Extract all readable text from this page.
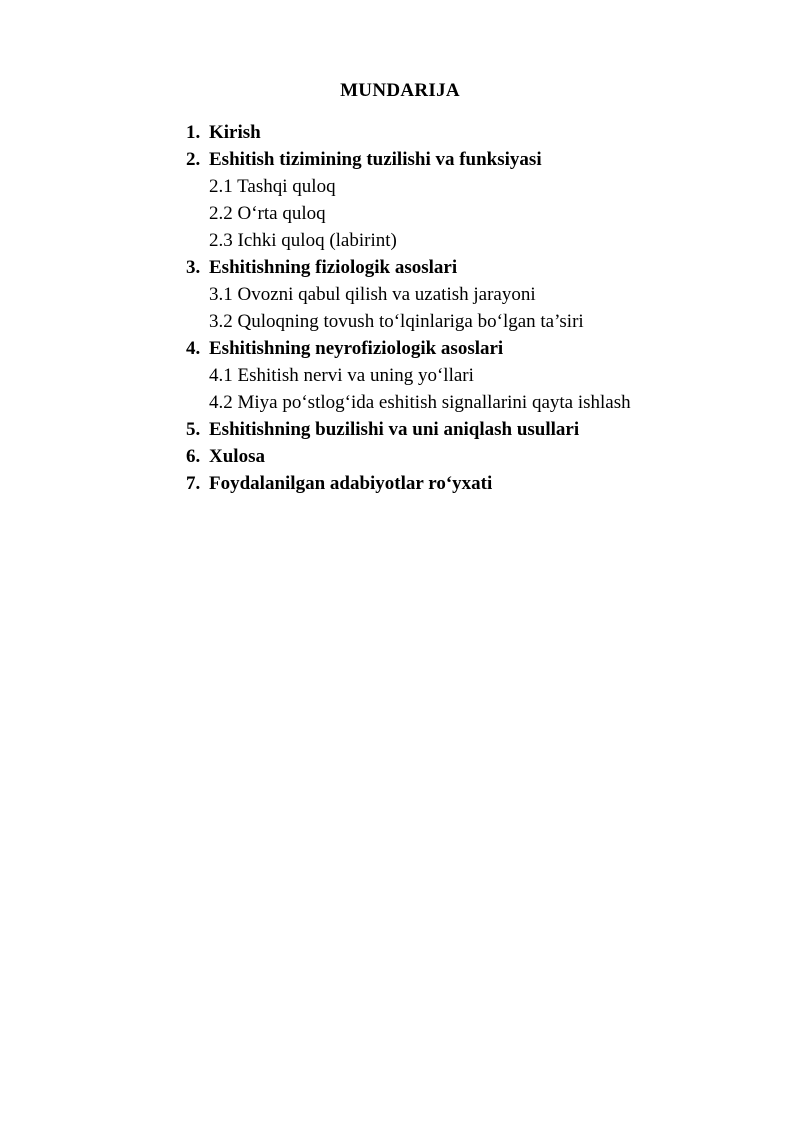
MUNDARIJA
1. Kirish
2. Eshitish tizimining tuzilishi va funksiyasi
2.1 Tashqi quloq
2.2 O‘rta quloq
2.3 Ichki quloq (labirint)
3. Eshitishning fiziologik asoslari
3.1 Ovozni qabul qilish va uzatish jarayoni
3.2 Quloqning tovush to‘lqinlariga bo‘lgan ta’siri
4. Eshitishning neyrofiziologik asoslari
4.1 Eshitish nervi va uning yo‘llari
4.2 Miya po‘stlog‘ida eshitish signallarini qayta ishlash
5. Eshitishning buzilishi va uni aniqlash usullari
6. Xulosa
7. Foydalanilgan adabiyotlar ro‘yxati
